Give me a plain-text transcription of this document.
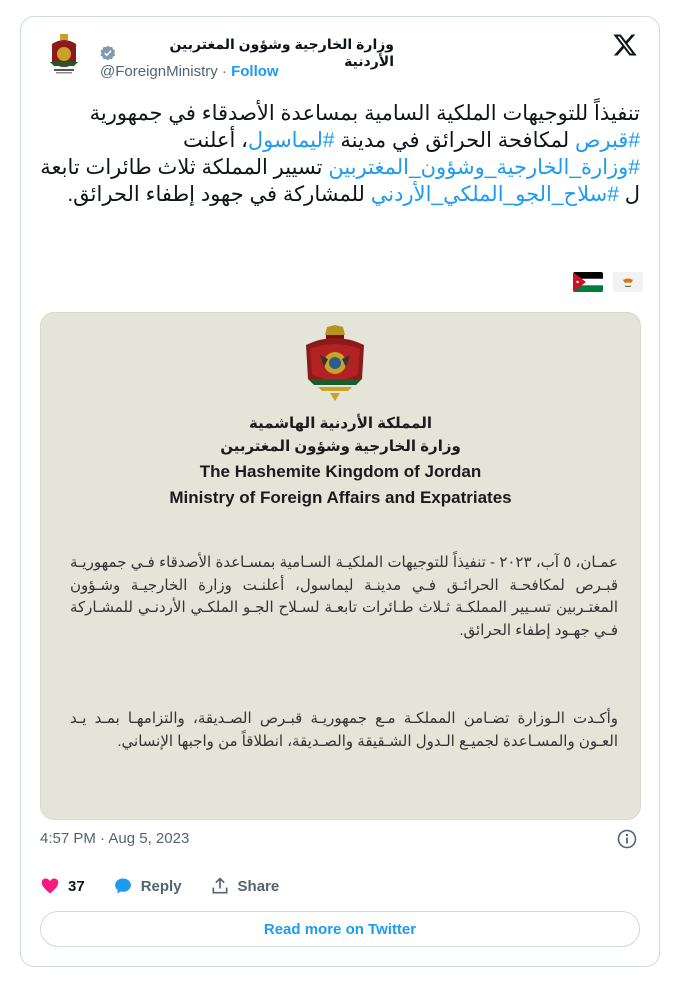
وزارة الخارجية وشؤون المغتربين الأردنية
@ForeignMinistry · Follow
تنفيذاً للتوجيهات الملكية السامية بمساعدة الأصدقاء في جمهورية #قبرص لمكافحة الحرائق في مدينة #ليماسول، أعلنت #وزارة_الخارجية_وشؤون_المغتربين تسيير المملكة ثلاث طائرات تابعة ل #سلاح_الجو_الملكي_الأردني للمشاركة في جهود إطفاء الحرائق.
المملكة الأردنية الهاشمية
وزارة الخارجية وشؤون المغتربين
The Hashemite Kingdom of Jordan
Ministry of Foreign Affairs and Expatriates
عمـان، ٥ آب، ٢٠٢٣ - تنفيذاً للتوجيهات الملكيـة السـامية بمسـاعدة الأصدقاء فـي جمهوريـة قبـرص لمكافحـة الحرائـق فـي مدينـة ليماسول، أعلنـت وزارة الخارجيـة وشـؤون المغتـربين تسـيير المملكـة ثـلاث طـائرات تابعـة لسـلاح الجـو الملكـي الأردنـي للمشـاركة فـي جهـود إطفاء الحرائق.
وأكـدت الـوزارة تضـامن المملكـة مـع جمهوريـة قبـرص الصـديقة، والتزامهـا بمـد يـد العـون والمسـاعدة لجميـع الـدول الشـقيقة والصـديقة، انطلاقاً من واجبها الإنساني.
4:57 PM · Aug 5, 2023
37	Reply	Share
Read more on Twitter
